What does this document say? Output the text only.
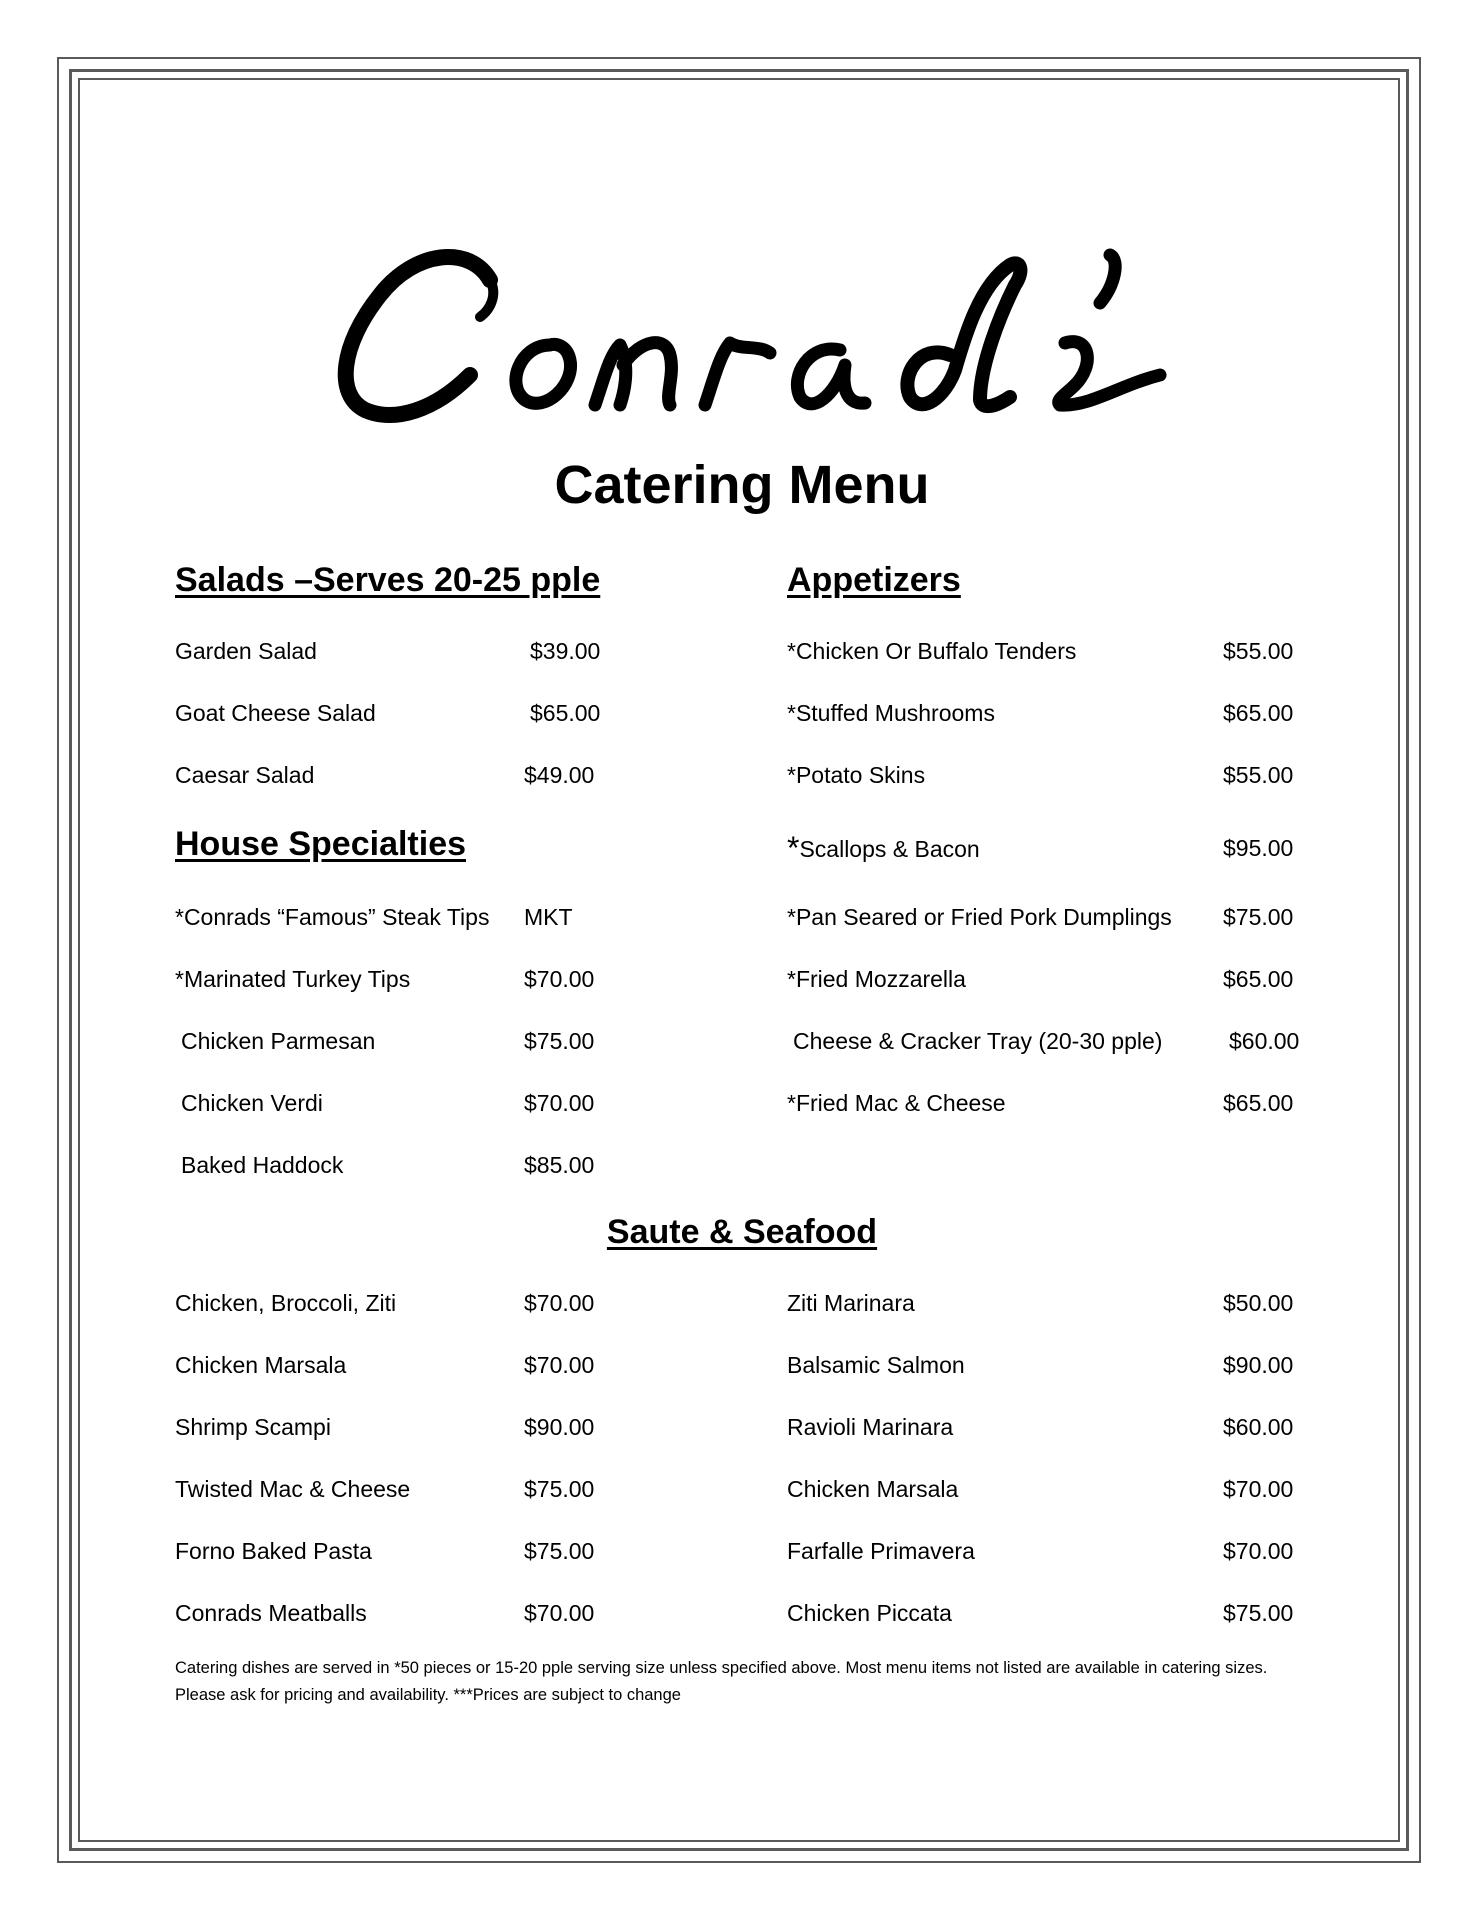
Catering Menu
Salads –Serves 20-25 pple
Garden Salad	$39.00
Goat Cheese Salad	$65.00
Caesar Salad	$49.00
House Specialties
*Conrads “Famous” Steak Tips MKT
*Marinated Turkey Tips	$70.00
Chicken Parmesan	$75.00
Chicken Verdi	$70.00
Baked Haddock	$85.00
Appetizers
*Chicken Or Buffalo Tenders	$55.00
*Stuffed Mushrooms	$65.00
*Potato Skins	$55.00
*Scallops & Bacon	$95.00
*Pan Seared or Fried Pork Dumplings $75.00
*Fried Mozzarella	$65.00
Cheese & Cracker Tray (20-30 pple)	$60.00
*Fried Mac & Cheese	$65.00
Saute & Seafood
Chicken, Broccoli, Ziti	$70.00
Chicken Marsala	$70.00
Shrimp Scampi	$90.00
Twisted Mac & Cheese	$75.00
Forno Baked Pasta	$75.00
Conrads Meatballs	$70.00
Ziti Marinara	$50.00
Balsamic Salmon	$90.00
Ravioli Marinara	$60.00
Chicken Marsala	$70.00
Farfalle Primavera	$70.00
Chicken Piccata	$75.00
Catering dishes are served in *50 pieces or 15-20 pple serving size unless specified above. Most menu items not listed are available in catering sizes. Please ask for pricing and availability. ***Prices are subject to change
